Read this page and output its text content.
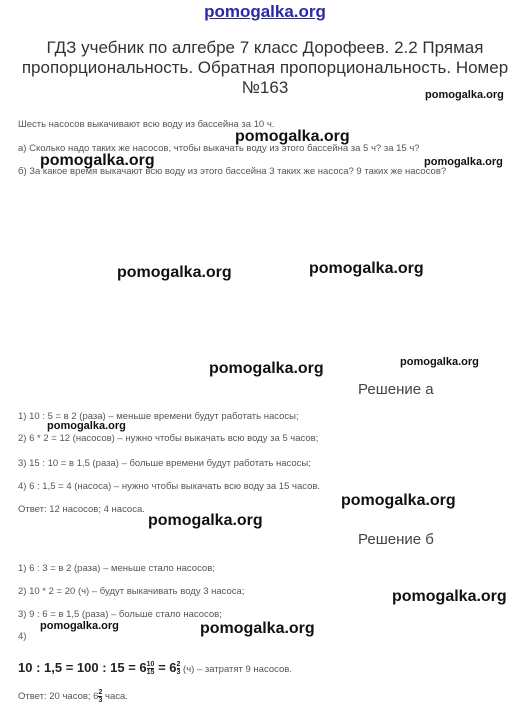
pomogalka.org
ГДЗ учебник по алгебре 7 класс Дорофеев. 2.2 Прямая пропорциональность. Обратная пропорциональность. Номер №163	pomogalka.org
pomogalka.org
pomogalka.org	pomogalka.org
pomogalka.org	pomogalka.org
pomogalka.org	pomogalka.org
pomogalka.org
pomogalka.org
pomogalka.org
pomogalka.org
pomogalka.org	pomogalka.org
Шесть насосов выкачивают всю воду из бассейна за 10 ч.
а) Сколько надо таких же насосов, чтобы выкачать воду из этого бассейна за 5 ч? за 15 ч?
б) За какое время выкачают всю воду из этого бассейна 3 таких же насоса? 9 таких же насосов?
Решение а
1) 10 : 5 = в 2 (раза) – меньше времени будут работать насосы;
2) 6 * 2 = 12 (насосов) – нужно чтобы выкачать всю воду за 5 часов;
3) 15 : 10 = в 1,5 (раза) – больше времени будут работать насосы;
4) 6 : 1,5 = 4 (насоса) – нужно чтобы выкачать всю воду за 15 часов.
Ответ: 12 насосов; 4 насоса.
Решение б
1) 6 : 3 = в 2 (раза) – меньше стало насосов;
2) 10 * 2 = 20 (ч) – будут выкачивать воду 3 насоса;
3) 9 : 6 = в 1,5 (раза) – больше стало насосов;
4)
10 : 1,5 = 100 : $15 = 6 \frac{10}{15} = 6 \frac{2}{3} (ч)$ – затратят 9 насосов.
Ответ: 20 часов; $6 \frac{2}{3}$ часа.
